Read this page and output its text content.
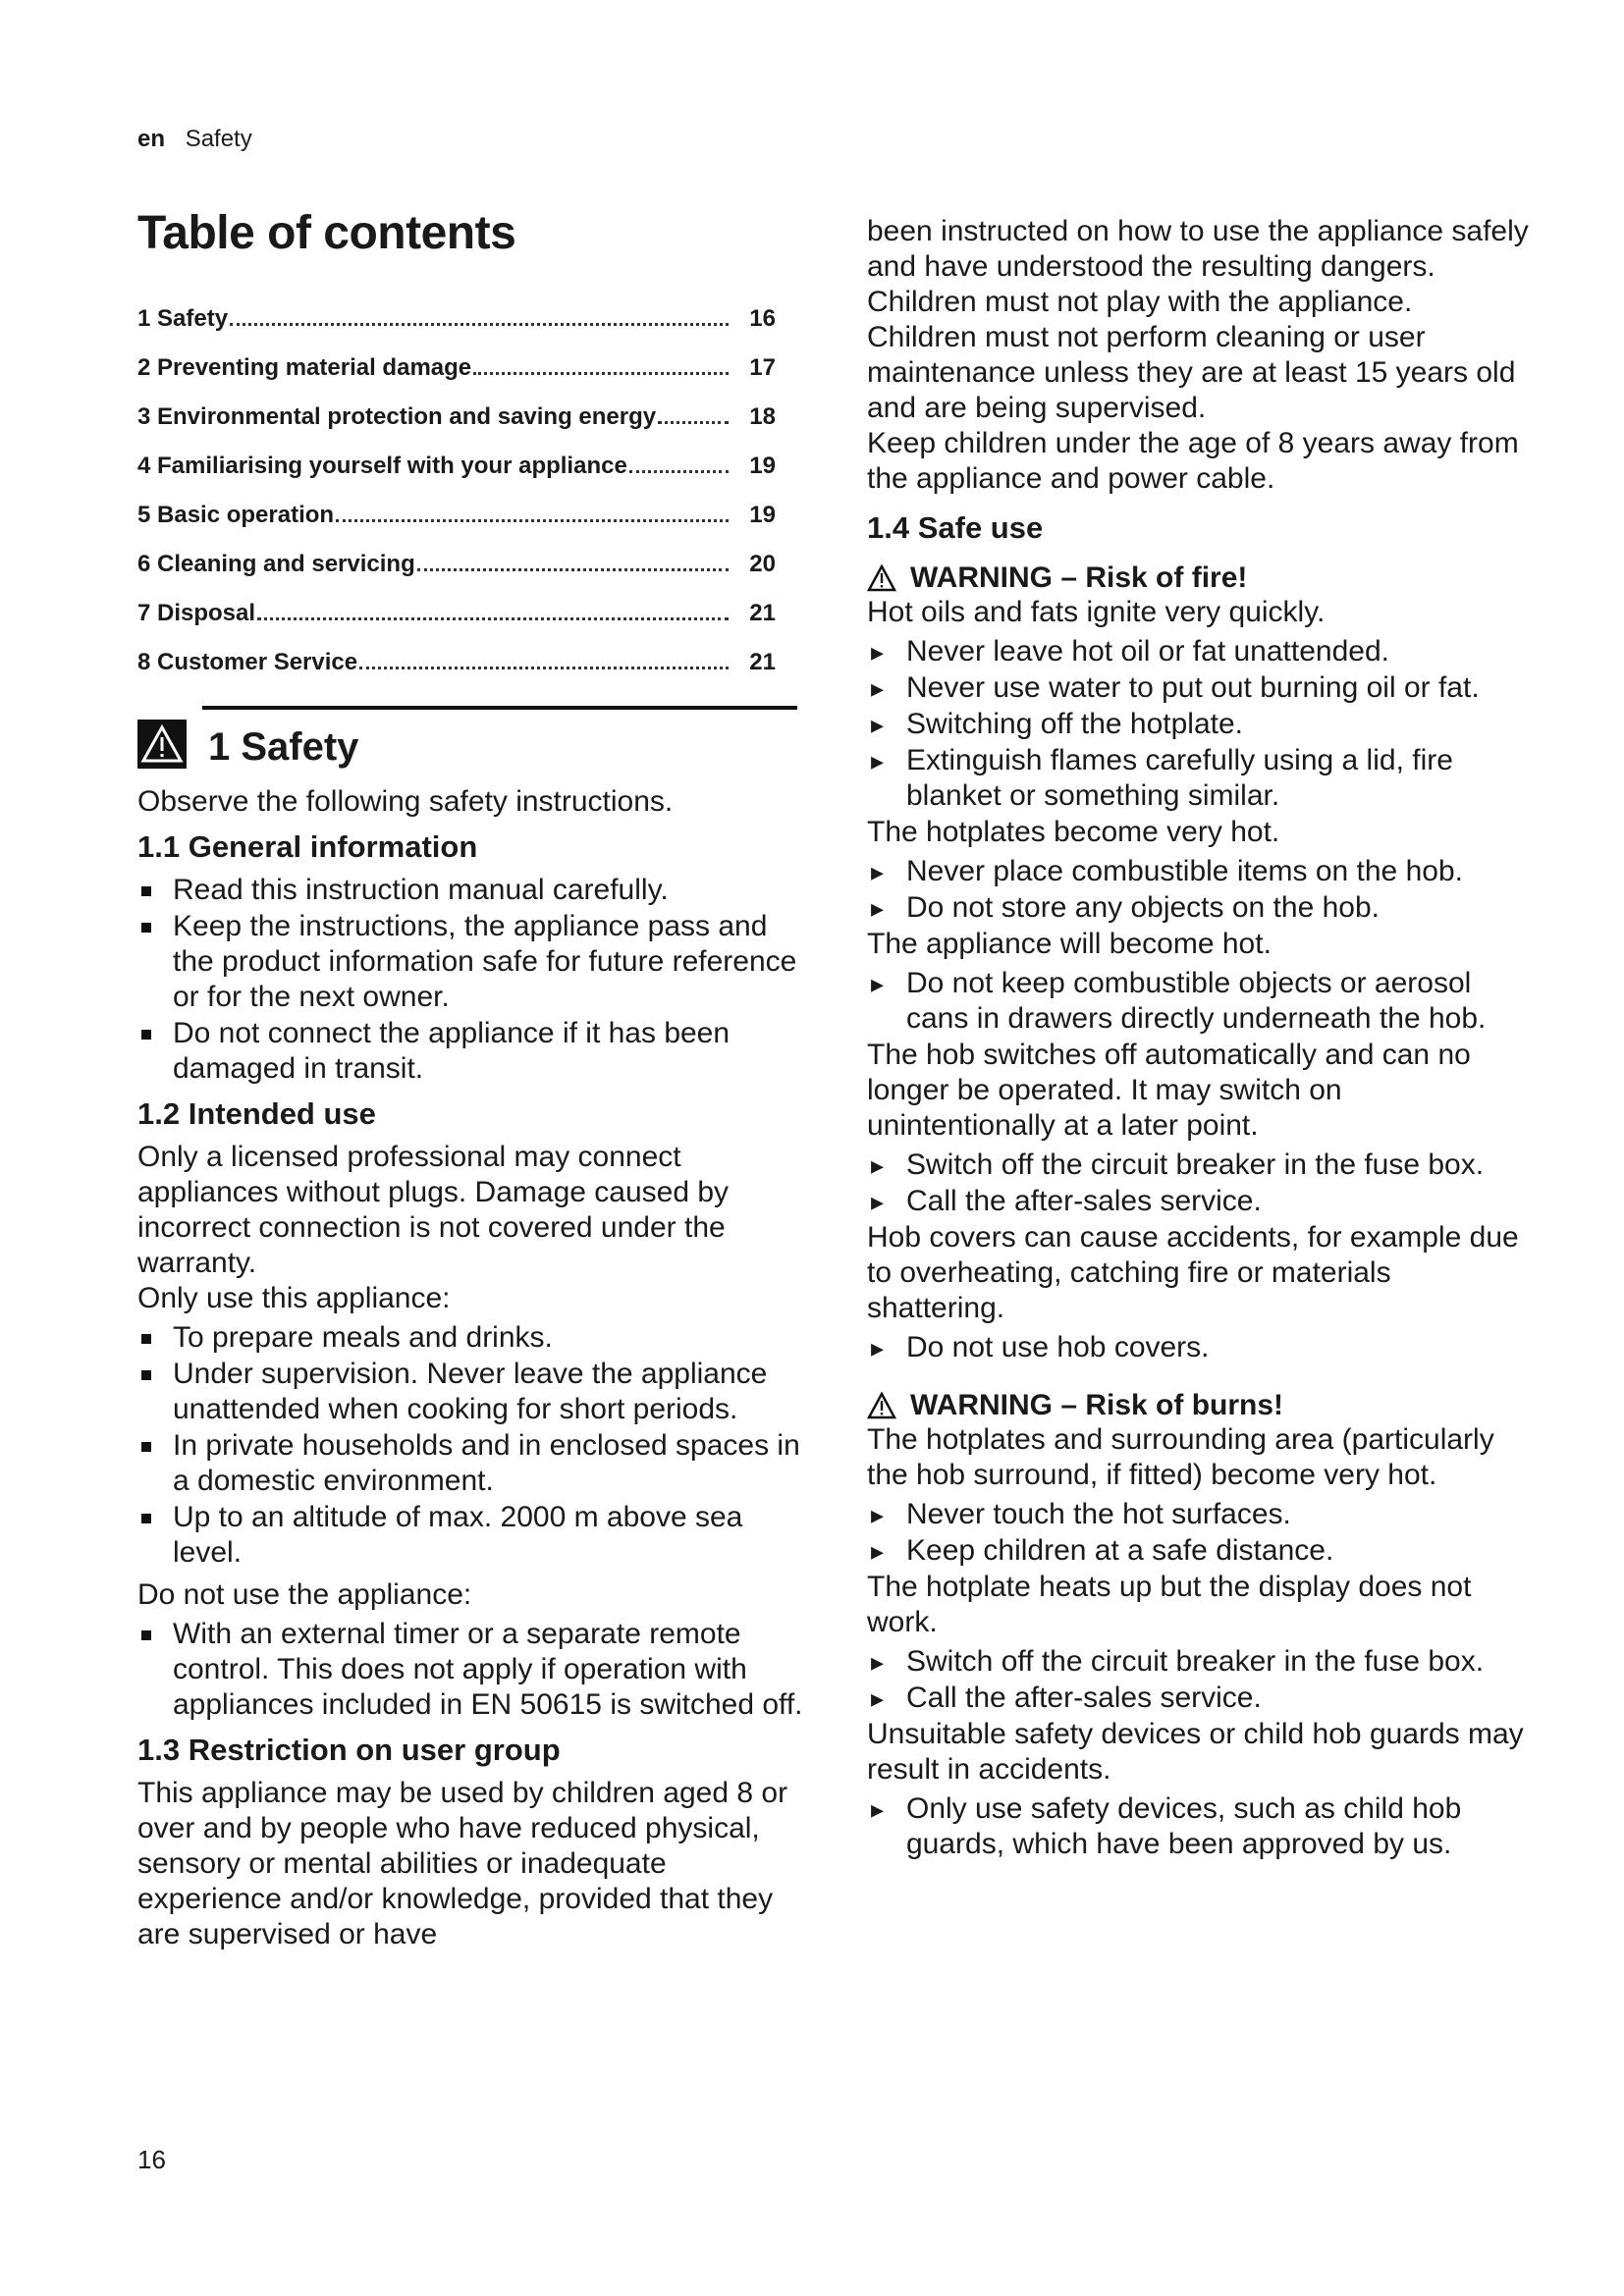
en Safety
Table of contents
1 Safety	16
2 Preventing material damage	17
3 Environmental protection and saving energy	18
4 Familiarising yourself with your appliance	19
5 Basic operation	19
6 Cleaning and servicing	20
7 Disposal	21
8 Customer Service	21
1 Safety

Observe the following safety instructions.

1.1 General information
Read this instruction manual carefully.
Keep the instructions, the appliance pass and the product information safe for future reference or for the next owner.
Do not connect the appliance if it has been damaged in transit.
1.2 Intended use

Only a licensed professional may connect appliances without plugs. Damage caused by incorrect connection is not covered under the warranty.

Only use this appliance:

To prepare meals and drinks.
Under supervision. Never leave the appliance unattended when cooking for short periods.
In private households and in enclosed spaces in a domestic environment.
Up to an altitude of max. 2000 m above sea level.

Do not use the appliance:

With an external timer or a separate remote control. This does not apply if operation with appliances included in EN 50615 is switched off.
1.3 Restriction on user group

This appliance may be used by children aged 8 or over and by people who have reduced physical, sensory or mental abilities or inadequate experience and/or knowledge, provided that they are supervised or have

been instructed on how to use the appliance safely and have understood the resulting dangers.

Children must not play with the appliance.

Children must not perform cleaning or user maintenance unless they are at least 15 years old and are being supervised.

Keep children under the age of 8 years away from the appliance and power cable.

1.4 Safe use
WARNING – Risk of fire!

Hot oils and fats ignite very quickly.

▸ Never leave hot oil or fat unattended.
▸ Never use water to put out burning oil or fat.
▸ Switching off the hotplate.
▸ Extinguish flames carefully using a lid, fire blanket or something similar.

The hotplates become very hot.

▸ Never place combustible items on the hob.
▸ Do not store any objects on the hob.

The appliance will become hot.

▸ Do not keep combustible objects or aerosol cans in drawers directly underneath the hob.

The hob switches off automatically and can no longer be operated. It may switch on unintentionally at a later point.

▸ Switch off the circuit breaker in the fuse box.
▸ Call the after-sales service.

Hob covers can cause accidents, for example due to overheating, catching fire or materials shattering.

▸ Do not use hob covers.
WARNING – Risk of burns!

The hotplates and surrounding area (particularly the hob surround, if fitted) become very hot.

▸ Never touch the hot surfaces.
▸ Keep children at a safe distance.

The hotplate heats up but the display does not work.

▸ Switch off the circuit breaker in the fuse box.
▸ Call the after-sales service.

Unsuitable safety devices or child hob guards may result in accidents.

▸ Only use safety devices, such as child hob guards, which have been approved by us.
16
